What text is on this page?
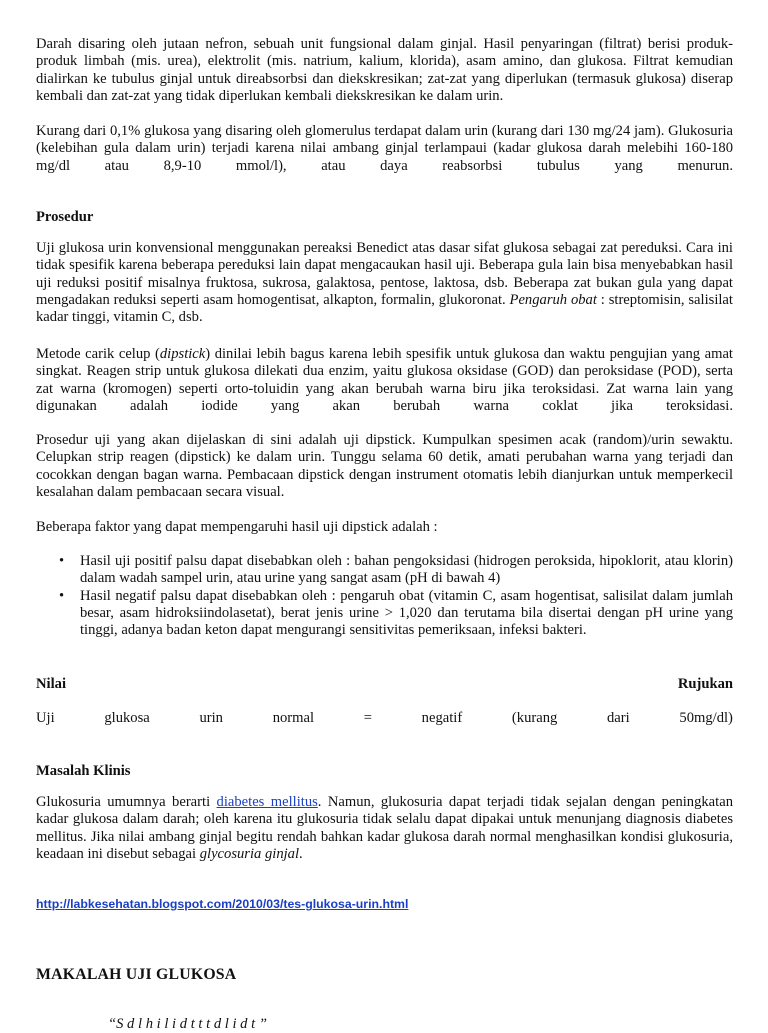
Darah disaring oleh jutaan nefron, sebuah unit fungsional dalam ginjal. Hasil penyaringan (filtrat) berisi produk-produk limbah (mis. urea), elektrolit (mis. natrium, kalium, klorida), asam amino, dan glukosa. Filtrat kemudian dialirkan ke tubulus ginjal untuk direabsorbsi dan diekskresikan; zat-zat yang diperlukan (termasuk glukosa) diserap kembali dan zat-zat yang tidak diperlukan kembali diekskresikan ke dalam urin.

Kurang dari 0,1% glukosa yang disaring oleh glomerulus terdapat dalam urin (kurang dari 130 mg/24 jam). Glukosuria (kelebihan gula dalam urin) terjadi karena nilai ambang ginjal terlampaui (kadar glukosa darah melebihi 160-180 mg/dl atau 8,9-10 mmol/l), atau daya reabsorbsi tubulus yang menurun.

Prosedur

Uji glukosa urin konvensional menggunakan pereaksi Benedict atas dasar sifat glukosa sebagai zat pereduksi. Cara ini tidak spesifik karena beberapa pereduksi lain dapat mengacaukan hasil uji. Beberapa gula lain bisa menyebabkan hasil uji reduksi positif misalnya fruktosa, sukrosa, galaktosa, pentose, laktosa, dsb. Beberapa zat bukan gula yang dapat mengadakan reduksi seperti asam homogentisat, alkapton, formalin, glukoronat. Pengaruh obat : streptomisin, salisilat kadar tinggi, vitamin C, dsb.

Metode carik celup (dipstick) dinilai lebih bagus karena lebih spesifik untuk glukosa dan waktu pengujian yang amat singkat. Reagen strip untuk glukosa dilekati dua enzim, yaitu glukosa oksidase (GOD) dan peroksidase (POD), serta zat warna (kromogen) seperti orto-toluidin yang akan berubah warna biru jika teroksidasi. Zat warna lain yang digunakan adalah iodide yang akan berubah warna coklat jika teroksidasi.

Prosedur uji yang akan dijelaskan di sini adalah uji dipstick. Kumpulkan spesimen acak (random)/urin sewaktu. Celupkan strip reagen (dipstick) ke dalam urin. Tunggu selama 60 detik, amati perubahan warna yang terjadi dan cocokkan dengan bagan warna. Pembacaan dipstick dengan instrument otomatis lebih dianjurkan untuk memperkecil kesalahan dalam pembacaan secara visual.

Beberapa faktor yang dapat mempengaruhi hasil uji dipstick adalah :

• Hasil uji positif palsu dapat disebabkan oleh : bahan pengoksidasi (hidrogen peroksida, hipoklorit, atau klorin) dalam wadah sampel urin, atau urine yang sangat asam (pH di bawah 4)
• Hasil negatif palsu dapat disebabkan oleh : pengaruh obat (vitamin C, asam hogentisat, salisilat dalam jumlah besar, asam hidroksiindolasetat), berat jenis urine > 1,020 dan terutama bila disertai dengan pH urine yang tinggi, adanya badan keton dapat mengurangi sensitivitas pemeriksaan, infeksi bakteri.
Nilai	Rujukan
Uji	glukosa	urin	normal	=	negatif	(kurang	dari	50mg/dl)

Masalah Klinis

Glukosuria umumnya berarti diabetes mellitus. Namun, glukosuria dapat terjadi tidak sejalan dengan peningkatan kadar glukosa dalam darah; oleh karena itu glukosuria tidak selalu dapat dipakai untuk menunjang diagnosis diabetes mellitus. Jika nilai ambang ginjal begitu rendah bahkan kadar glukosa darah normal menghasilkan kondisi glukosuria, keadaan ini disebut sebagai glycosuria ginjal.

http://labkesehatan.blogspot.com/2010/03/tes-glukosa-urin.html

MAKALAH UJI GLUKOSA

“S d l h i l i d t t t d l i d t ”
